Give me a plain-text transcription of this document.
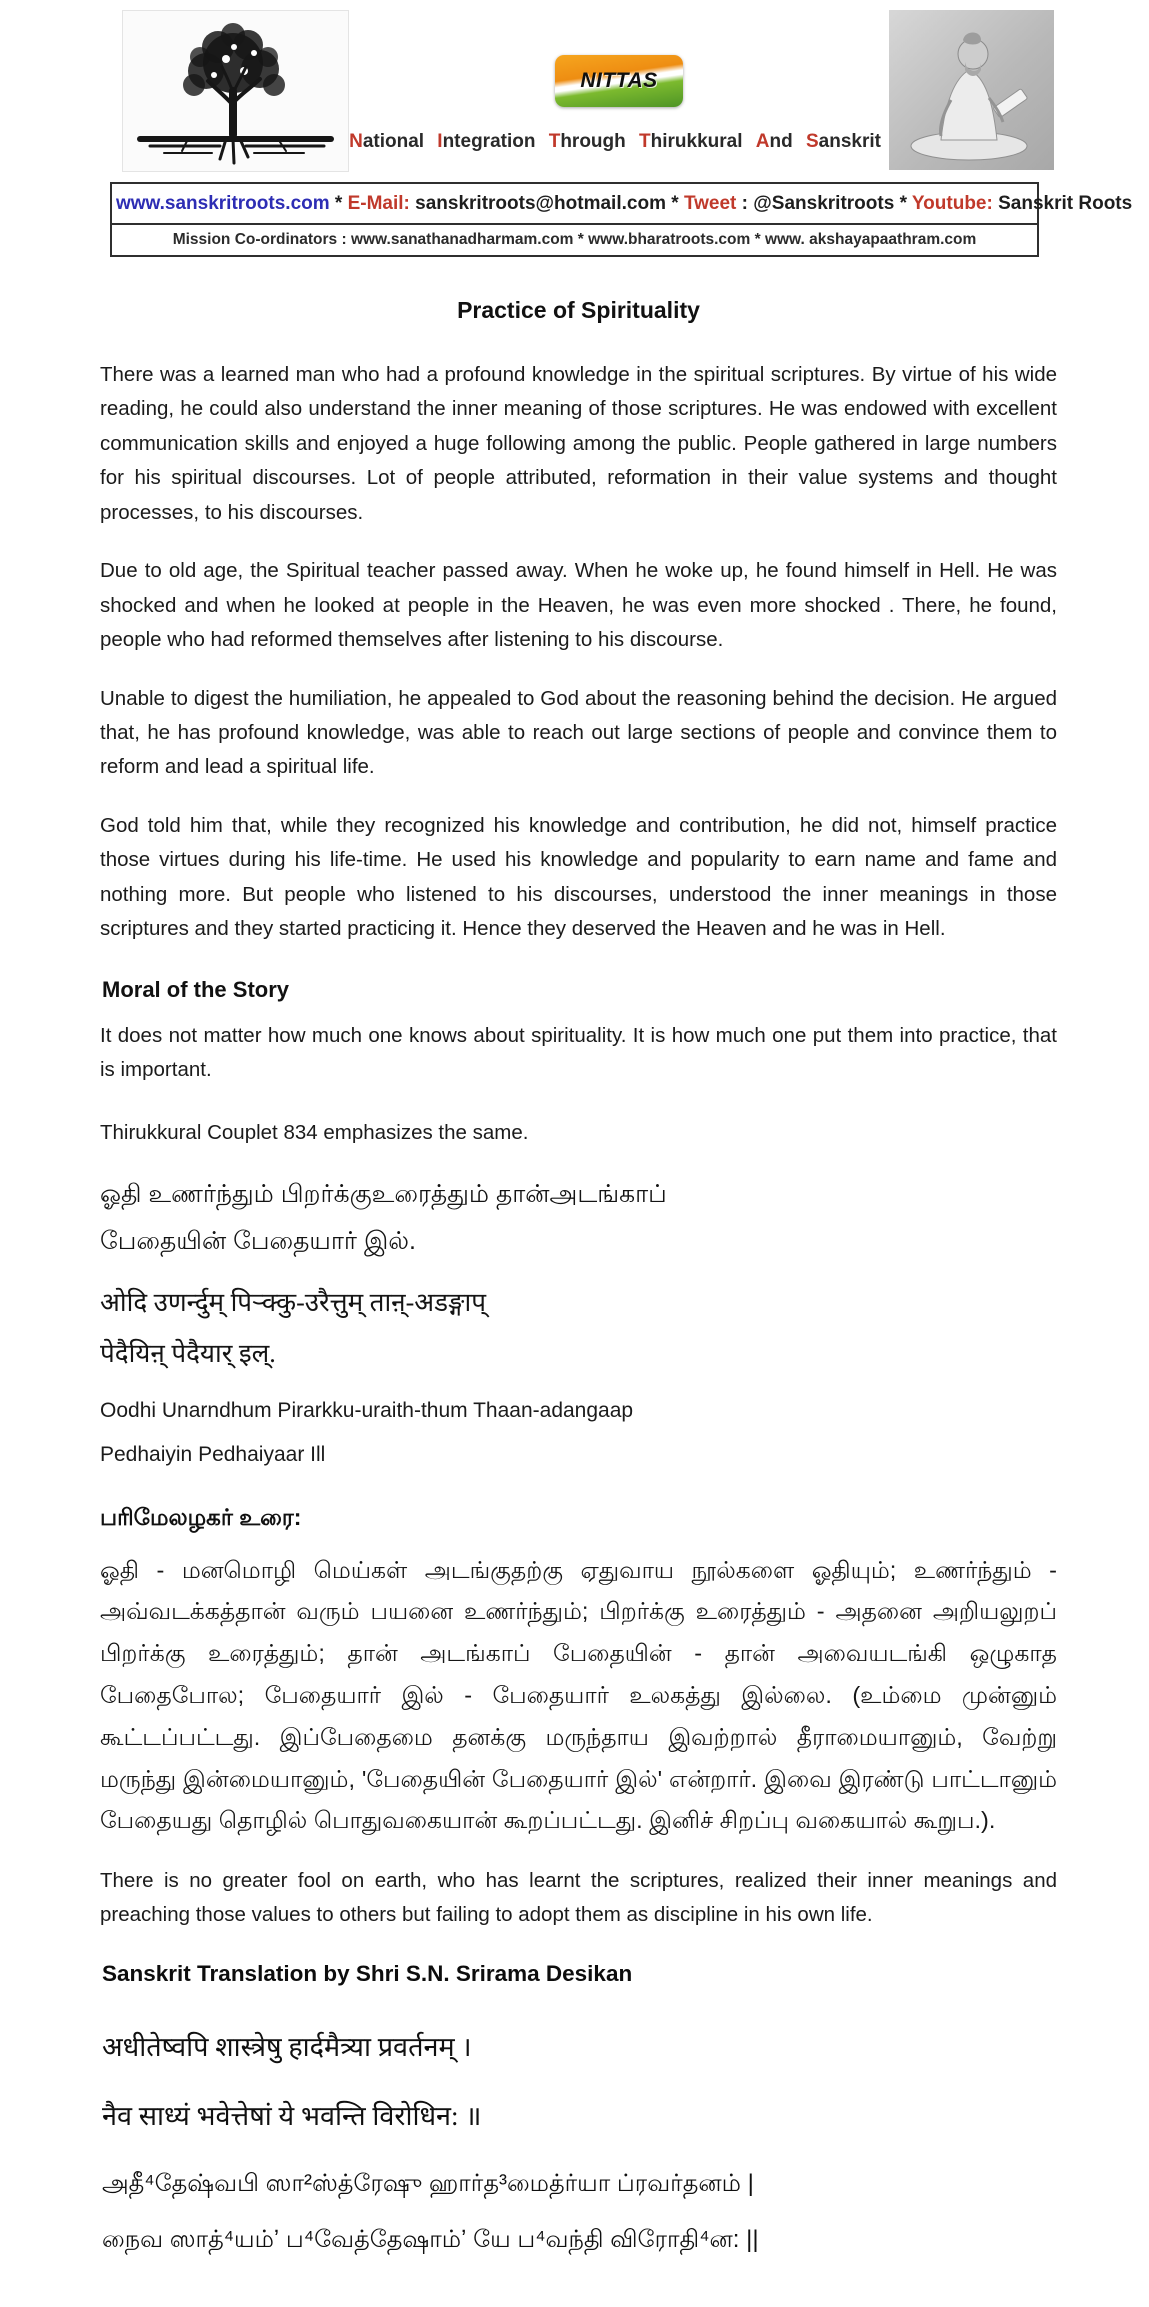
NITTAS
National Integration Through Thirukkural And Sanskrit
www.sanskritroots.com * E-Mail: sanskritroots@hotmail.com * Tweet : @Sanskritroots * Youtube: Sanskrit Roots
Mission Co-ordinators : www.sanathanadharmam.com * www.bharatroots.com * www. akshayapaathram.com
Practice of Spirituality

There was a learned man who had a profound knowledge in the spiritual scriptures. By virtue of his wide reading, he could also understand the inner meaning of those scriptures. He was endowed with excellent communication skills and enjoyed a huge following among the public. People gathered in large numbers for his spiritual discourses. Lot of people attributed, reformation in their value systems and thought processes, to his discourses.

Due to old age, the Spiritual teacher passed away. When he woke up, he found himself in Hell. He was shocked and when he looked at people in the Heaven, he was even more shocked . There, he found, people who had reformed themselves after listening to his discourse.

Unable to digest the humiliation, he appealed to God about the reasoning behind the decision. He argued that, he has profound knowledge, was able to reach out large sections of people and convince them to reform and lead a spiritual life.

God told him that, while they recognized his knowledge and contribution, he did not, himself practice those virtues during his life-time. He used his knowledge and popularity to earn name and fame and nothing more. But people who listened to his discourses, understood the inner meanings in those scriptures and they started practicing it. Hence they deserved the Heaven and he was in Hell.

Moral of the Story

It does not matter how much one knows about spirituality. It is how much one put them into practice, that is important.

Thirukkural Couplet 834 emphasizes the same.

ஓதி உணர்ந்தும் பிறர்க்குஉரைத்தும் தான்அடங்காப்
பேதையின் பேதையார் இல்.
ओदि उणर्न्दुम् पिऱ्क्कु-उरैत्तुम् ताऩ्-अडङ्गाप्
पेदैयिऩ् पेदैयार् इल्.
Oodhi Unarndhum Pirarkku-uraith-thum Thaan-adangaap
Pedhaiyin Pedhaiyaar Ill
பரிமேலழகர் உரை:

ஓதி - மனமொழி மெய்கள் அடங்குதற்கு ஏதுவாய நூல்களை ஓதியும்; உணர்ந்தும் - அவ்வடக்கத்தான் வரும் பயனை உணர்ந்தும்; பிறர்க்கு உரைத்தும் - அதனை அறியலுறப் பிறர்க்கு உரைத்தும்; தான் அடங்காப் பேதையின் - தான் அவையடங்கி ஒழுகாத பேதைபோல; பேதையார் இல் - பேதையார் உலகத்து இல்லை. (உம்மை முன்னும் கூட்டப்பட்டது. இப்பேதைமை தனக்கு மருந்தாய இவற்றால் தீராமையானும், வேற்று மருந்து இன்மையானும், 'பேதையின் பேதையார் இல்' என்றார். இவை இரண்டு பாட்டானும் பேதையது தொழில் பொதுவகையான் கூறப்பட்டது. இனிச் சிறப்பு வகையால் கூறுப.).

There is no greater fool on earth, who has learnt the scriptures, realized their inner meanings and preaching those values to others but failing to adopt them as discipline in his own life.

Sanskrit Translation by Shri S.N. Srirama Desikan
अधीतेष्वपि शास्त्रेषु हार्दमैत्र्या प्रवर्तनम् ।
नैव साध्यं भवेत्तेषां ये भवन्ति विरोधिन: ॥
அதீ⁴தேஷ்வபி ஸா²ஸ்த்ரேஷு ஹார்த³மைத்ர்யா ப்ரவர்தனம் |
நைவ ஸாத்⁴யம்ʼ ப⁴வேத்தேஷாம்ʼ யே ப⁴வந்தி விரோதி⁴ன: ||
